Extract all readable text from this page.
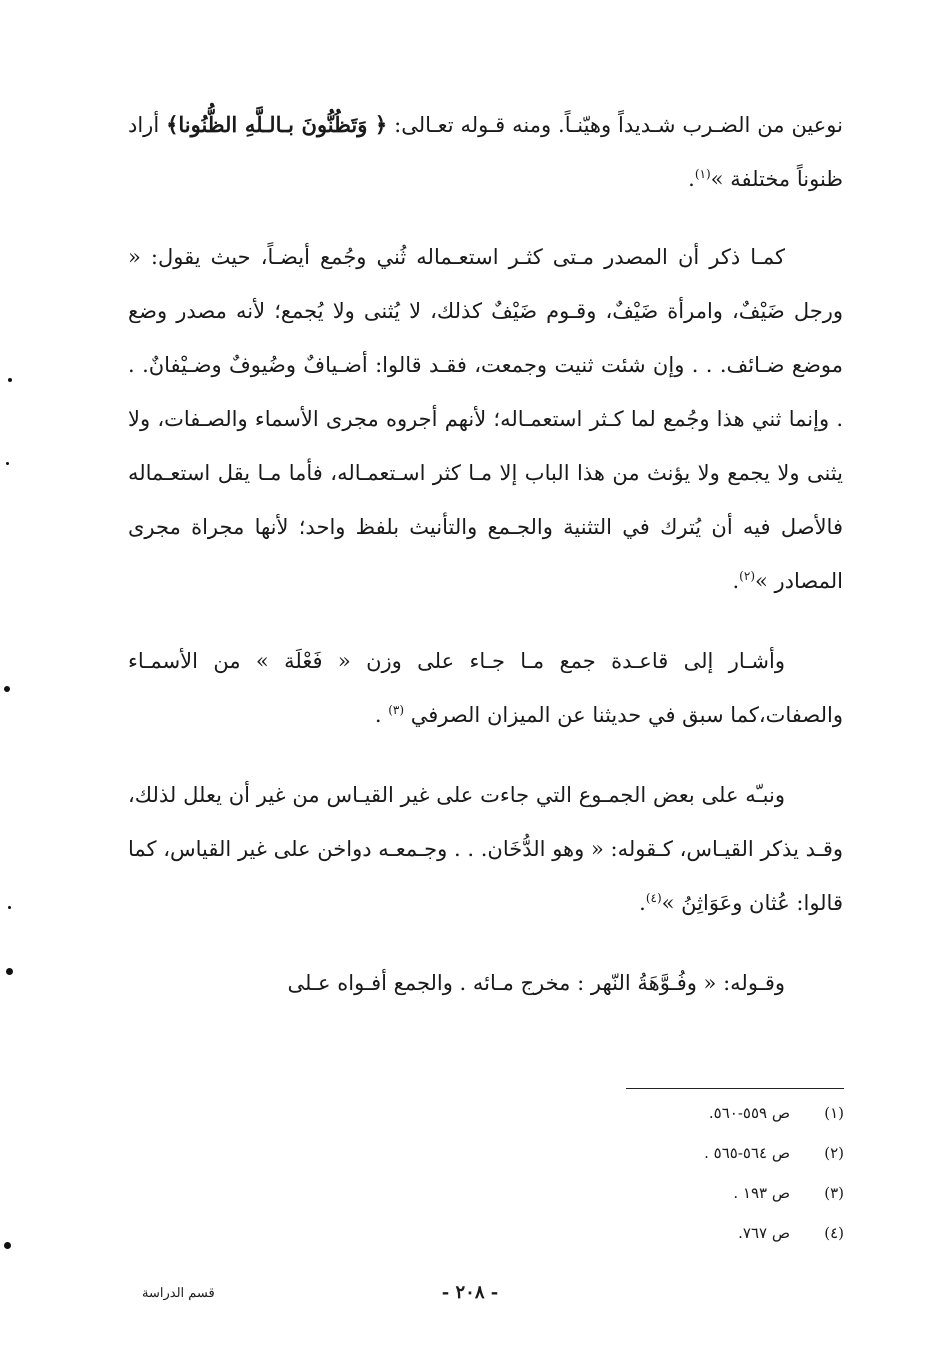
نوعين من الضـرب شـديداً وهيّنـاً. ومنه قـوله تعـالى: ﴿ وَتَظُنُّونَ بـالـلَّهِ الظُّنُونا﴾ أراد ظنوناً مختلفة »$^{(١)}$.

كمـا ذكر أن المصدر مـتى كثـر استعـماله ثُني وجُمع أيضـاً، حيث يقول: « ورجل ضَيْفٌ، وامرأة ضَيْفٌ، وقـوم ضَيْفٌ كذلك، لا يُثنى ولا يُجمع؛ لأنه مصدر وضع موضع ضـائف. . . وإن شئت ثنيت وجمعت، فقـد قالوا: أضـيافٌ وضُيوفٌ وضـيْفانٌ. . . وإنما ثني هذا وجُمع لما كـثر استعمـاله؛ لأنهم أجروه مجرى الأسماء والصـفات، ولا يثنى ولا يجمع ولا يؤنث من هذا الباب إلا مـا كثر اسـتعمـاله، فأما مـا يقل استعـماله فالأصل فيه أن يُترك في التثنية والجـمع والتأنيث بلفظ واحد؛ لأنها مجراة مجرى المصادر »$^{(٢)}$.

وأشـار إلى قاعـدة جمع مـا جـاء على وزن « فَعْلَة » من الأسمـاء والصفات،كما سبق في حديثنا عن الميزان الصرفي $^{(٣)}$ .

ونبـّه على بعض الجمـوع التي جاءت على غير القيـاس من غير أن يعلل لذلك، وقـد يذكر القيـاس، كـقوله: « وهو الدُّخَان. . . وجـمعـه دواخن على غير القياس، كما قالوا: عُثان وعَوَاثِنُ »$^{(٤)}$.

وقـوله: « وفُـوَّهَةُ النّهر : مخرج مـائه . والجمع أفـواه عـلى

(١)
ص ٥٥٩-٥٦٠.
(٢)
ص ٥٦٤-٥٦٥ .
(٣)
ص ١٩٣ .
(٤)
ص ٧٦٧.
- ٢٠٨ -
قسم الدراسة
